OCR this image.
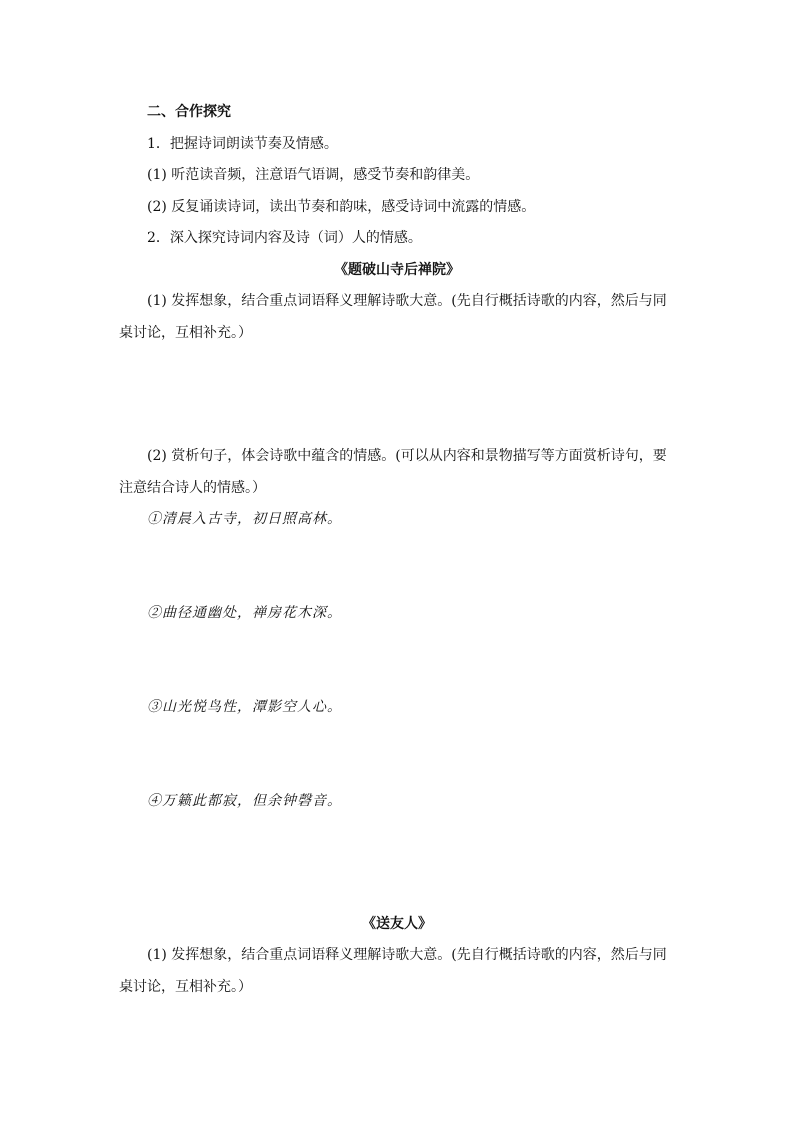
二、合作探究
1．把握诗词朗读节奏及情感。
(1) 听范读音频，注意语气语调，感受节奏和韵律美。
(2) 反复诵读诗词，读出节奏和韵味，感受诗词中流露的情感。
2．深入探究诗词内容及诗（词）人的情感。
《题破山寺后禅院》
(1) 发挥想象，结合重点词语释义理解诗歌大意。(先自行概括诗歌的内容，然后与同
桌讨论，互相补充。）
(2) 赏析句子，体会诗歌中蕴含的情感。(可以从内容和景物描写等方面赏析诗句，要
注意结合诗人的情感。）
①清晨入古寺，初日照高林。
②曲径通幽处，禅房花木深。
③山光悦鸟性，潭影空人心。
④万籁此都寂，但余钟磬音。
《送友人》
(1) 发挥想象，结合重点词语释义理解诗歌大意。(先自行概括诗歌的内容，然后与同
桌讨论，互相补充。）
